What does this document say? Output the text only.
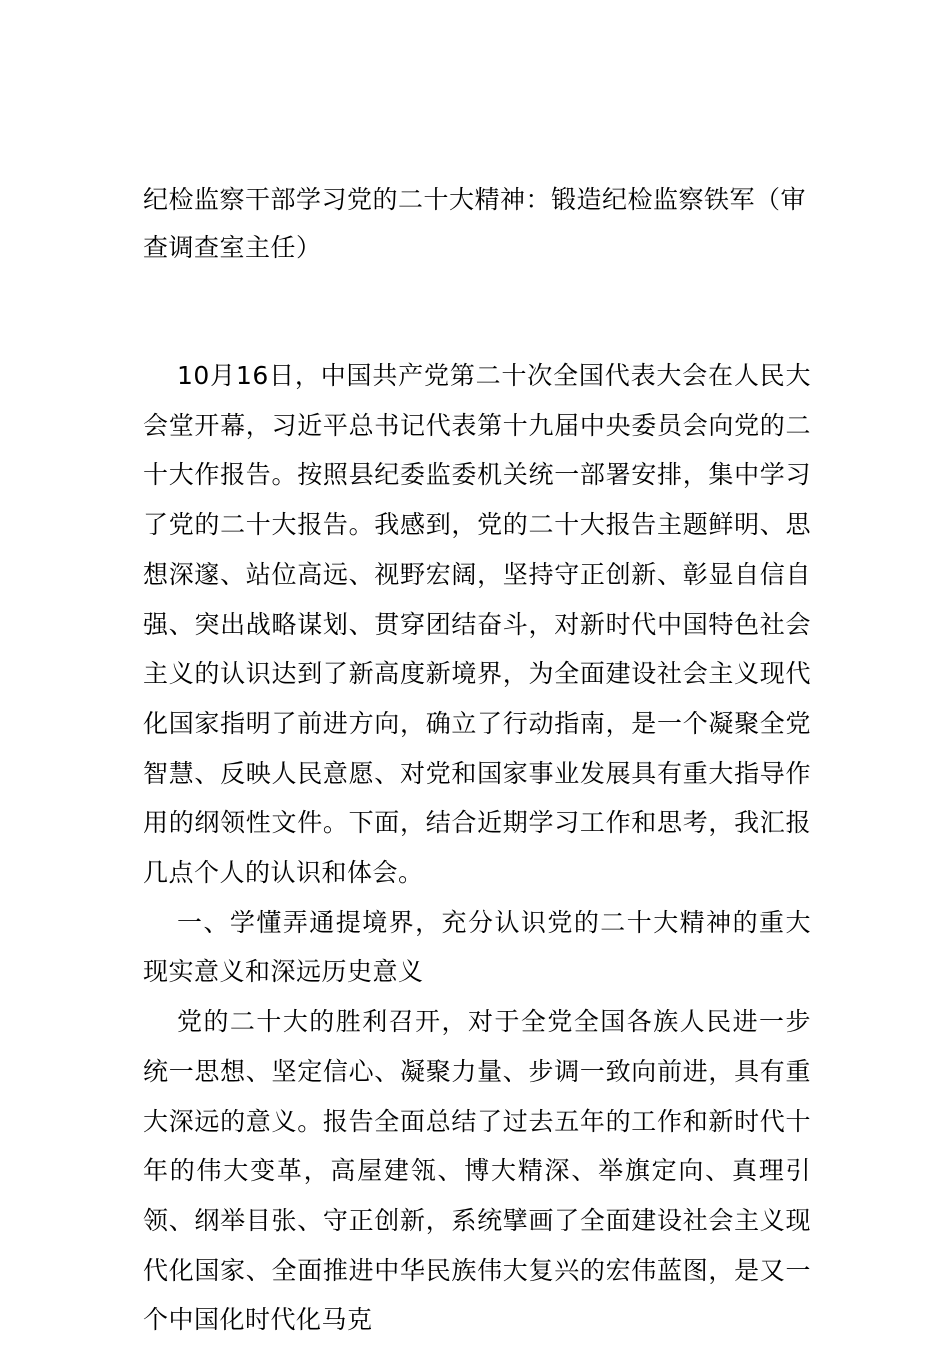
纪检监察干部学习党的二十大精神：锻造纪检监察铁军（审查调查室主任）

10月16日，中国共产党第二十次全国代表大会在人民大会堂开幕，习近平总书记代表第十九届中央委员会向党的二十大作报告。按照县纪委监委机关统一部署安排，集中学习了党的二十大报告。我感到，党的二十大报告主题鲜明、思想深邃、站位高远、视野宏阔，坚持守正创新、彰显自信自强、突出战略谋划、贯穿团结奋斗，对新时代中国特色社会主义的认识达到了新高度新境界，为全面建设社会主义现代化国家指明了前进方向，确立了行动指南，是一个凝聚全党智慧、反映人民意愿、对党和国家事业发展具有重大指导作用的纲领性文件。下面，结合近期学习工作和思考，我汇报几点个人的认识和体会。

一、学懂弄通提境界，充分认识党的二十大精神的重大现实意义和深远历史意义

党的二十大的胜利召开，对于全党全国各族人民进一步统一思想、坚定信心、凝聚力量、步调一致向前进，具有重大深远的意义。报告全面总结了过去五年的工作和新时代十年的伟大变革，高屋建瓴、博大精深、举旗定向、真理引领、纲举目张、守正创新，系统擘画了全面建设社会主义现代化国家、全面推进中华民族伟大复兴的宏伟蓝图，是又一个中国化时代化马克
